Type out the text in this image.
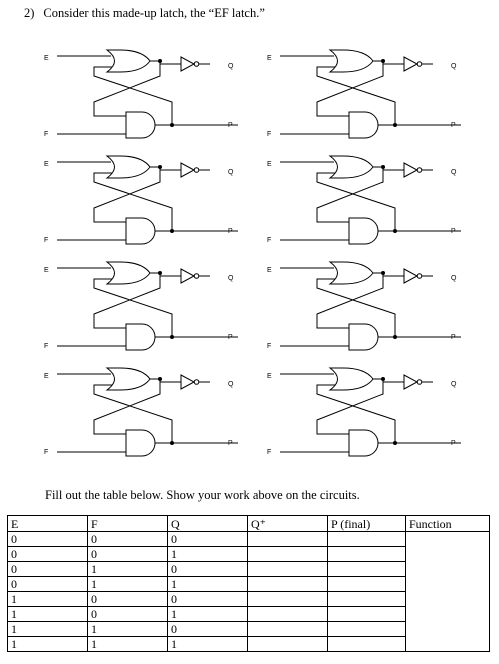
2) Consider this made-up latch, the “EF latch.”
E
Q
F
P
E
Q
F
P
E
Q
F
P
E
Q
F
P
E
Q
F
P
E
Q
F
P
E
Q
F
P
E
Q
F
P
Fill out the table below. Show your work above on the circuits.
E	F	Q	Q⁺	P (final)	Function
0	0	0			
0	0	1			
0	1	0			
0	1	1			
1	0	0			
1	0	1			
1	1	0			
1	1	1			
